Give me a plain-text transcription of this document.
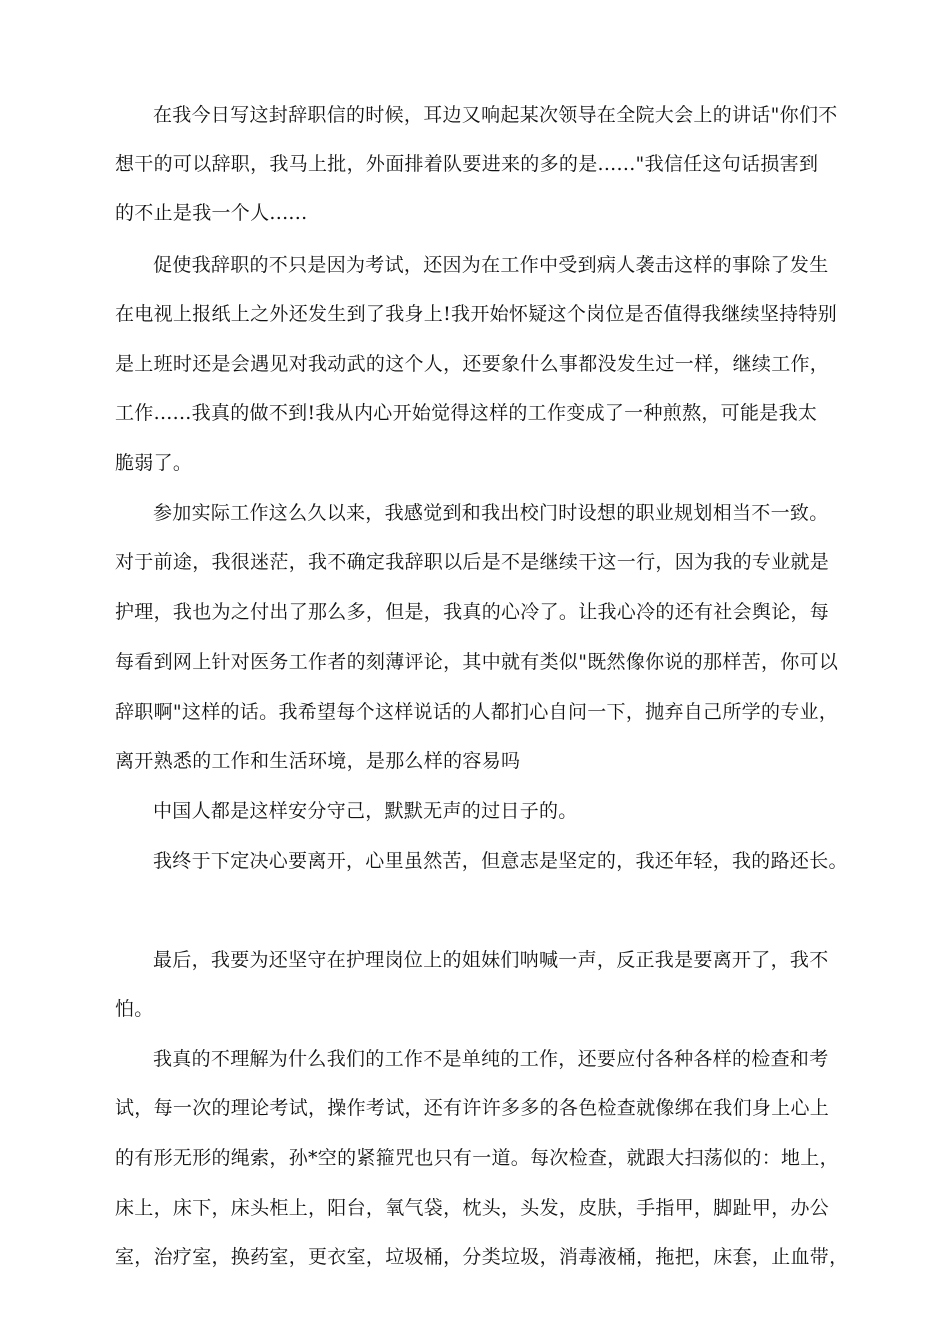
在我今日写这封辞职信的时候，耳边又响起某次领导在全院大会上的讲话"你们不
想干的可以辞职，我马上批，外面排着队要进来的多的是......"我信任这句话损害到
的不止是我一个人......
促使我辞职的不只是因为考试，还因为在工作中受到病人袭击这样的事除了发生
在电视上报纸上之外还发生到了我身上!我开始怀疑这个岗位是否值得我继续坚持特别
是上班时还是会遇见对我动武的这个人，还要象什么事都没发生过一样，继续工作，
工作......我真的做不到!我从内心开始觉得这样的工作变成了一种煎熬，可能是我太
脆弱了。
参加实际工作这么久以来，我感觉到和我出校门时设想的职业规划相当不一致。
对于前途，我很迷茫，我不确定我辞职以后是不是继续干这一行，因为我的专业就是
护理，我也为之付出了那么多，但是，我真的心冷了。让我心冷的还有社会舆论，每
每看到网上针对医务工作者的刻薄评论，其中就有类似"既然像你说的那样苦，你可以
辞职啊"这样的话。我希望每个这样说话的人都扪心自问一下，抛弃自己所学的专业，
离开熟悉的工作和生活环境，是那么样的容易吗
中国人都是这样安分守己，默默无声的过日子的。
我终于下定决心要离开，心里虽然苦，但意志是坚定的，我还年轻，我的路还长。
最后，我要为还坚守在护理岗位上的姐妹们呐喊一声，反正我是要离开了，我不
怕。
我真的不理解为什么我们的工作不是单纯的工作，还要应付各种各样的检查和考
试，每一次的理论考试，操作考试，还有许许多多的各色检查就像绑在我们身上心上
的有形无形的绳索，孙*空的紧箍咒也只有一道。每次检查，就跟大扫荡似的：地上，
床上，床下，床头柜上，阳台，氧气袋，枕头，头发，皮肤，手指甲，脚趾甲，办公
室，治疗室，换药室，更衣室，垃圾桶，分类垃圾，消毒液桶，拖把，床套，止血带，
